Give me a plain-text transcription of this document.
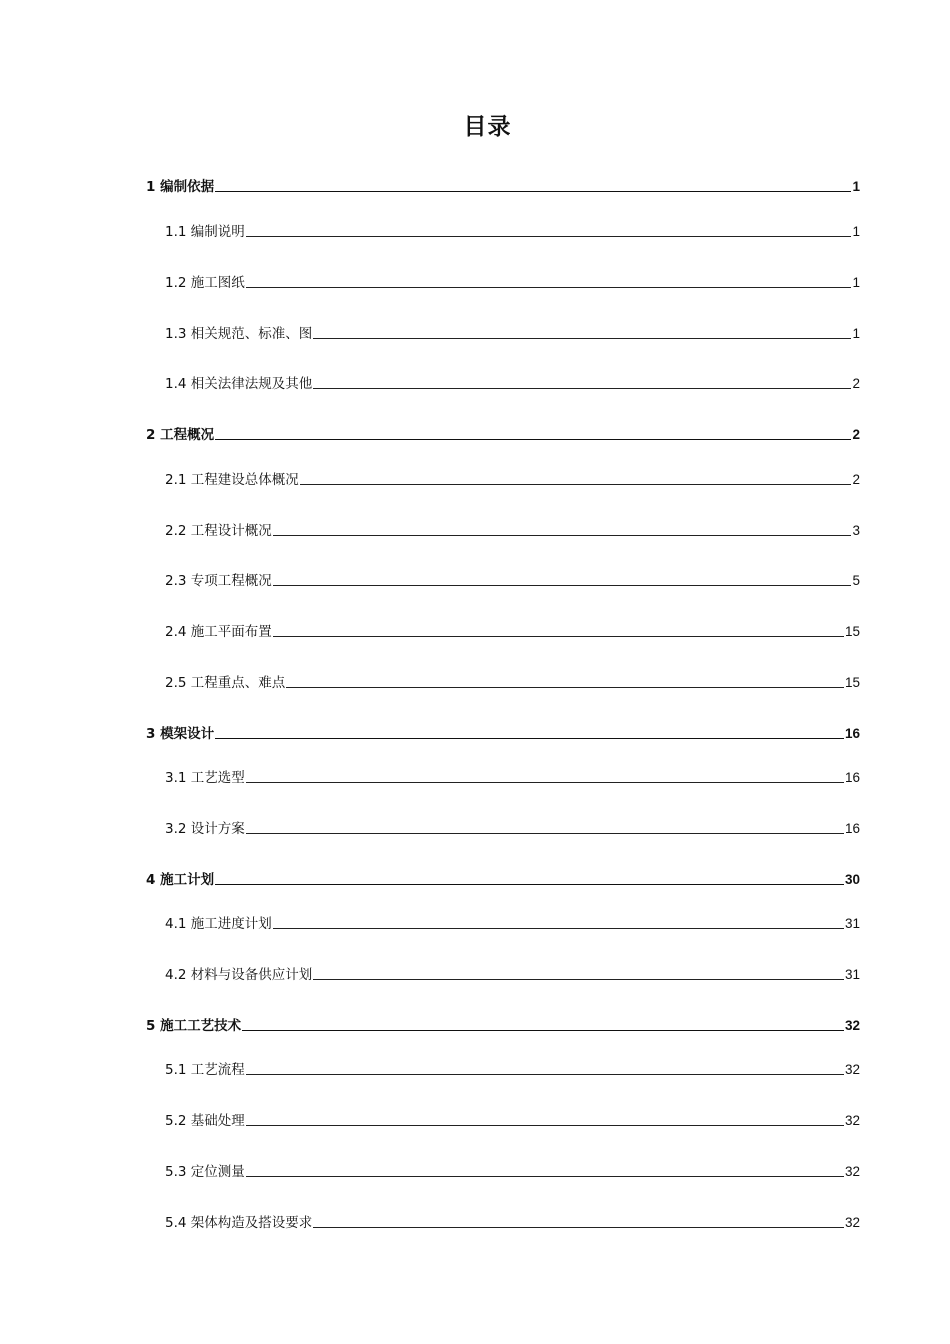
目录
1 编制依据	1
1.1 编制说明	1
1.2 施工图纸	1
1.3 相关规范、标准、图	1
1.4 相关法律法规及其他	2
2 工程概况	2
2.1 工程建设总体概况	2
2.2 工程设计概况	3
2.3 专项工程概况	5
2.4 施工平面布置	15
2.5 工程重点、难点	15
3 模架设计	16
3.1 工艺选型	16
3.2 设计方案	16
4 施工计划	30
4.1 施工进度计划	31
4.2 材料与设备供应计划	31
5 施工工艺技术	32
5.1 工艺流程	32
5.2 基础处理	32
5.3 定位测量	32
5.4 架体构造及搭设要求	32
